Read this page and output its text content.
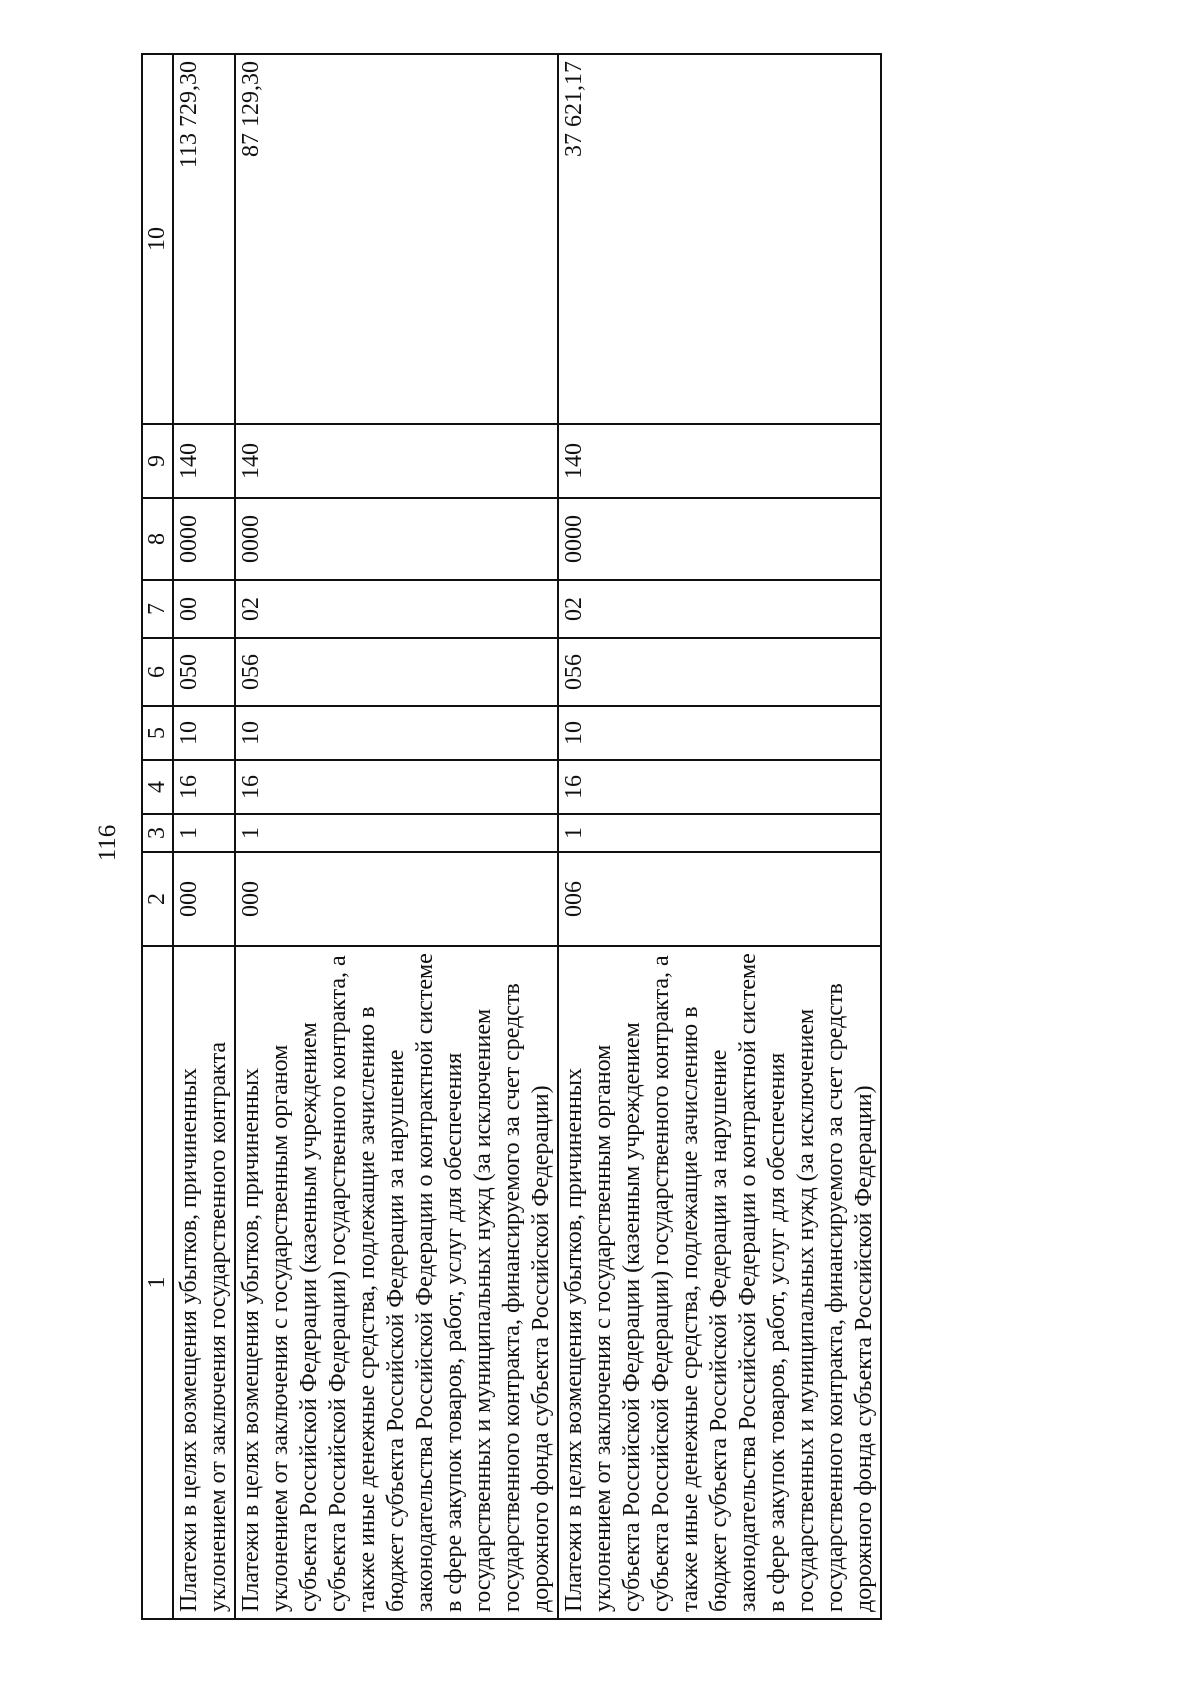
116
1	2	3	4	5	6	7	8	9	10
Платежи в целях возмещения убытков, причиненных уклонением от заключения государственного контракта	000	1	16	10	050	00	0000	140	113 729,30
Платежи в целях возмещения убытков, причиненных уклонением от заключения с государственным органом субъекта Российской Федерации (казенным учреждением субъекта Российской Федерации) государственного контракта, а также иные денежные средства, подлежащие зачислению в бюджет субъекта Российской Федерации за нарушение законодательства Российской Федерации о контрактной системе в сфере закупок товаров, работ, услуг для обеспечения государственных и муниципальных нужд (за исключением государственного контракта, финансируемого за счет средств дорожного фонда субъекта Российской Федерации)	000	1	16	10	056	02	0000	140	87 129,30
Платежи в целях возмещения убытков, причиненных уклонением от заключения с государственным органом субъекта Российской Федерации (казенным учреждением субъекта Российской Федерации) государственного контракта, а также иные денежные средства, подлежащие зачислению в бюджет субъекта Российской Федерации за нарушение законодательства Российской Федерации о контрактной системе в сфере закупок товаров, работ, услуг для обеспечения государственных и муниципальных нужд (за исключением государственного контракта, финансируемого за счет средств дорожного фонда субъекта Российской Федерации)	006	1	16	10	056	02	0000	140	37 621,17
